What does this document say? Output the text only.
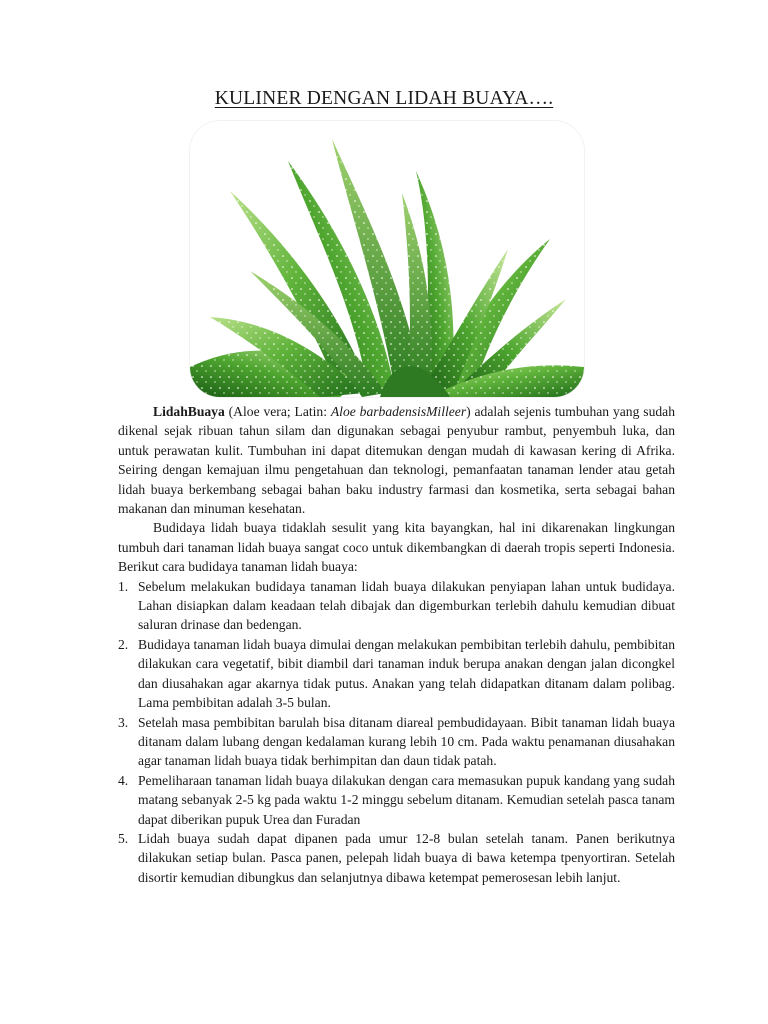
KULINER DENGAN LIDAH BUAYA….

LidahBuaya (Aloe vera; Latin: Aloe barbadensisMilleer) adalah sejenis tumbuhan yang sudah dikenal sejak ribuan tahun silam dan digunakan sebagai penyubur rambut, penyembuh luka, dan untuk perawatan kulit. Tumbuhan ini dapat ditemukan dengan mudah di kawasan kering di Afrika. Seiring dengan kemajuan ilmu pengetahuan dan teknologi, pemanfaatan tanaman lender atau getah lidah buaya berkembang sebagai bahan baku industry farmasi dan kosmetika, serta sebagai bahan makanan dan minuman kesehatan.

Budidaya lidah buaya tidaklah sesulit yang kita bayangkan, hal ini dikarenakan lingkungan tumbuh dari tanaman lidah buaya sangat coco untuk dikembangkan di daerah tropis seperti Indonesia. Berikut cara budidaya tanaman lidah buaya:

1. Sebelum melakukan budidaya tanaman lidah buaya dilakukan penyiapan lahan untuk budidaya. Lahan disiapkan dalam keadaan telah dibajak dan digemburkan terlebih dahulu kemudian dibuat saluran drinase dan bedengan.
2. Budidaya tanaman lidah buaya dimulai dengan melakukan pembibitan terlebih dahulu, pembibitan dilakukan cara vegetatif, bibit diambil dari tanaman induk berupa anakan dengan jalan dicongkel dan diusahakan agar akarnya tidak putus. Anakan yang telah didapatkan ditanam dalam polibag. Lama pembibitan adalah 3-5 bulan.
3. Setelah masa pembibitan barulah bisa ditanam diareal pembudidayaan. Bibit tanaman lidah buaya ditanam dalam lubang dengan kedalaman kurang lebih 10 cm. Pada waktu penamanan diusahakan agar tanaman lidah buaya tidak berhimpitan dan daun tidak patah.
4. Pemeliharaan tanaman lidah buaya dilakukan dengan cara memasukan pupuk kandang yang sudah matang sebanyak 2-5 kg pada waktu 1-2 minggu sebelum ditanam. Kemudian setelah pasca tanam dapat diberikan pupuk Urea dan Furadan
5. Lidah buaya sudah dapat dipanen pada umur 12-8 bulan setelah tanam. Panen berikutnya dilakukan setiap bulan. Pasca panen, pelepah lidah buaya di bawa ketempa tpenyortiran. Setelah disortir kemudian dibungkus dan selanjutnya dibawa ketempat pemerosesan lebih lanjut.
